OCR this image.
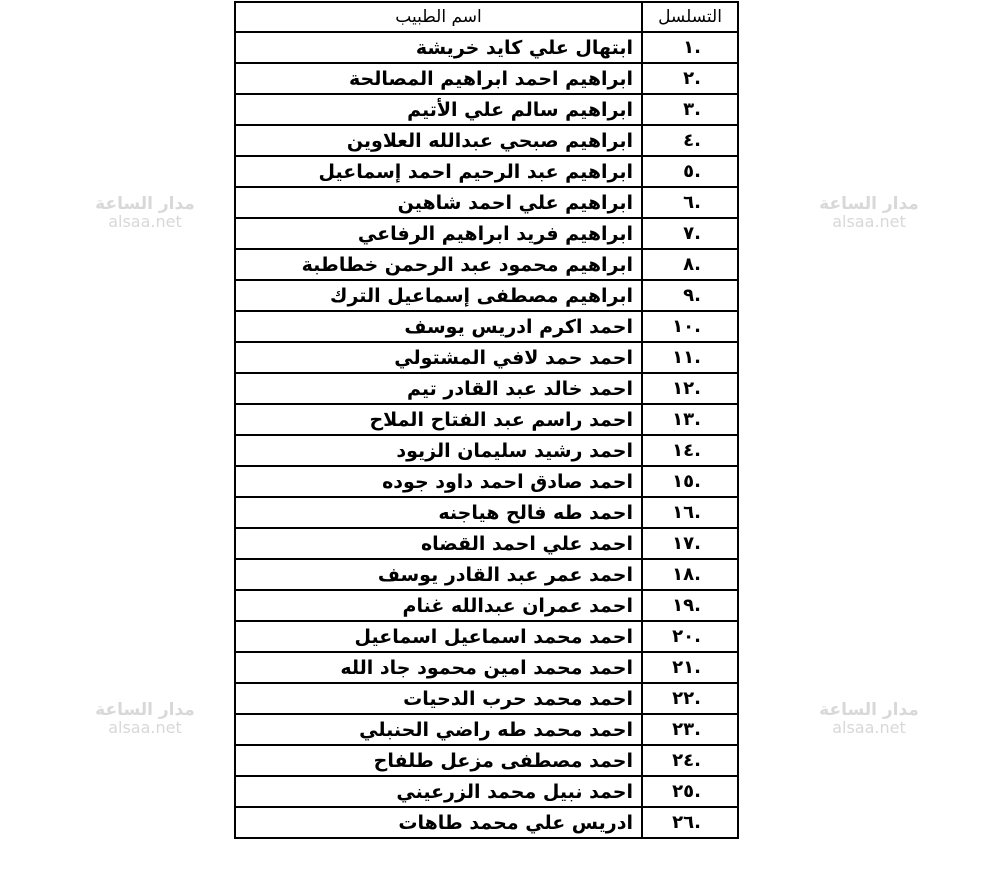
التسلسل	اسم الطبيب
.١	ابتهال علي كايد خريشة
.٢	ابراهيم احمد ابراهيم المصالحة
.٣	ابراهيم سالم علي الأتيم
.٤	ابراهيم صبحي عبدالله العلاوين
.٥	ابراهيم عبد الرحيم احمد إسماعيل
.٦	ابراهيم علي احمد شاهين
.٧	ابراهيم فريد ابراهيم الرفاعي
.٨	ابراهيم محمود عبد الرحمن خطاطبة
.٩	ابراهيم مصطفى إسماعيل الترك
.١٠	احمد اكرم ادريس يوسف
.١١	احمد حمد لافي المشتولي
.١٢	احمد خالد عبد القادر تيم
.١٣	احمد راسم عبد الفتاح الملاح
.١٤	احمد رشيد سليمان الزيود
.١٥	احمد صادق احمد داود جوده
.١٦	احمد طه فالح هياجنه
.١٧	احمد علي احمد القضاه
.١٨	احمد عمر عبد القادر يوسف
.١٩	احمد عمران عبدالله غنام
.٢٠	احمد محمد اسماعيل اسماعيل
.٢١	احمد محمد امين محمود جاد الله
.٢٢	احمد محمد حرب الدحيات
.٢٣	احمد محمد طه راضي الحنبلي
.٢٤	احمد مصطفى مزعل طلفاح
.٢٥	احمد نبيل محمد الزرعيني
.٢٦	ادريس علي محمد طاهات
مدار الساعة
alsaa.net
مدار الساعة
alsaa.net
مدار الساعة
alsaa.net
مدار الساعة
alsaa.net
